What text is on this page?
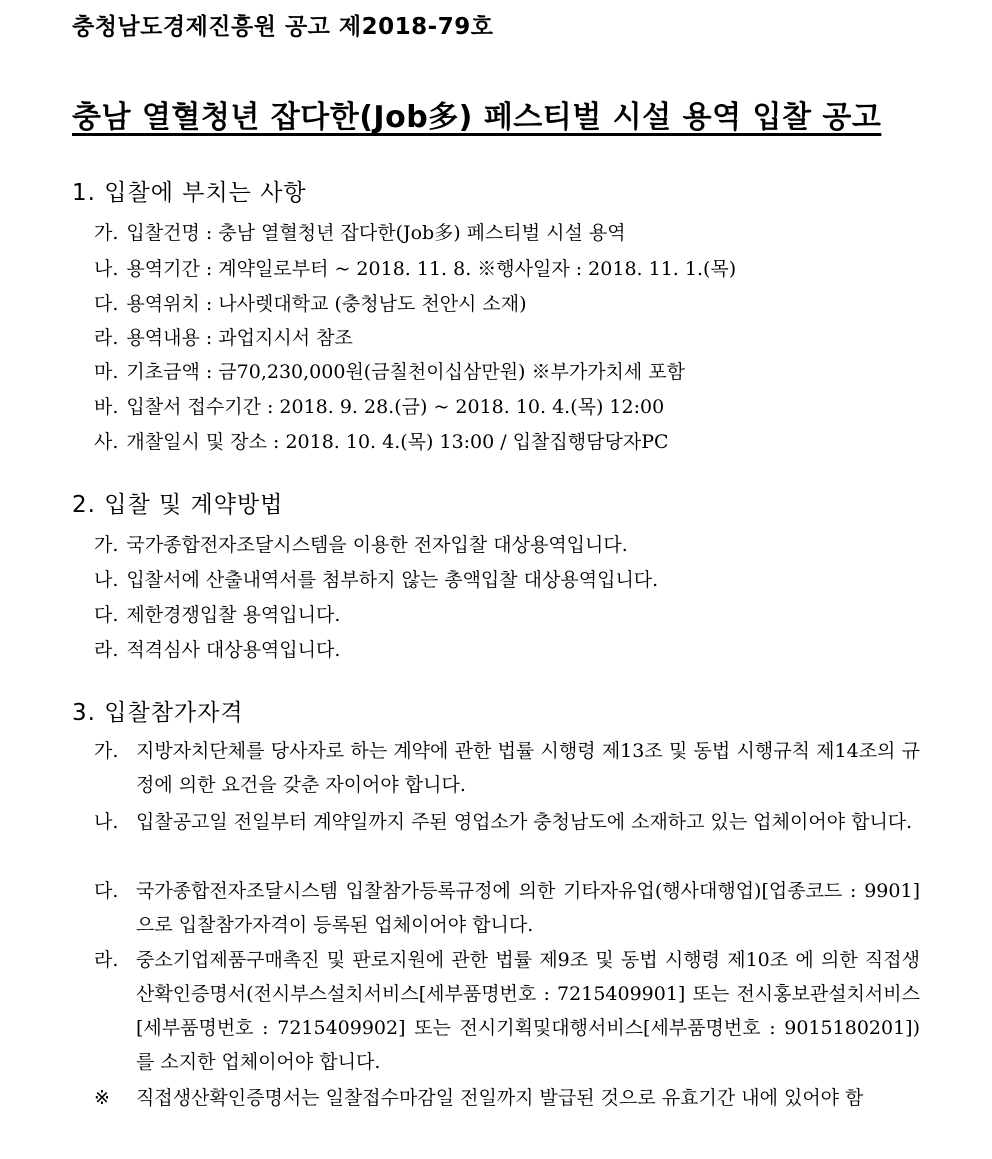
충청남도경제진흥원 공고 제2018-79호
충남 열혈청년 잡다한(Job多) 페스티벌 시설 용역 입찰 공고
1. 입찰에 부치는 사항
가. 입찰건명 : 충남 열혈청년 잡다한(Job多) 페스티벌 시설 용역
나. 용역기간 : 계약일로부터 ~ 2018. 11. 8. ※행사일자 : 2018. 11. 1.(목)
다. 용역위치 : 나사렛대학교 (충청남도 천안시 소재)
라. 용역내용 : 과업지시서 참조
마. 기초금액 : 금70,230,000원(금칠천이십삼만원) ※부가가치세 포함
바. 입찰서 접수기간 : 2018. 9. 28.(금) ~ 2018. 10. 4.(목) 12:00
사. 개찰일시 및 장소 : 2018. 10. 4.(목) 13:00 / 입찰집행담당자PC
2. 입찰 및 계약방법
가. 국가종합전자조달시스템을 이용한 전자입찰 대상용역입니다.
나. 입찰서에 산출내역서를 첨부하지 않는 총액입찰 대상용역입니다.
다. 제한경쟁입찰 용역입니다.
라. 적격심사 대상용역입니다.
3. 입찰참가자격
가. 지방자치단체를 당사자로 하는 계약에 관한 법률 시행령 제13조 및 동법 시행규칙 제14조의 규정에 의한 요건을 갖춘 자이어야 합니다.
나. 입찰공고일 전일부터 계약일까지 주된 영업소가 충청남도에 소재하고 있는 업체이어야 합니다.
다. 국가종합전자조달시스템 입찰참가등록규정에 의한 기타자유업(행사대행업)[업종코드 : 9901]으로 입찰참가자격이 등록된 업체이어야 합니다.
라. 중소기업제품구매촉진 및 판로지원에 관한 법률 제9조 및 동법 시행령 제10조 에 의한 직접생산확인증명서(전시부스설치서비스[세부품명번호 : 7215409901] 또는 전시홍보관설치서비스[세부품명번호 : 7215409902] 또는 전시기획및대행서비스[세부품명번호 : 9015180201])를 소지한 업체이어야 합니다.
※ 직접생산확인증명서는 일찰접수마감일 전일까지 발급된 것으로 유효기간 내에 있어야 함
